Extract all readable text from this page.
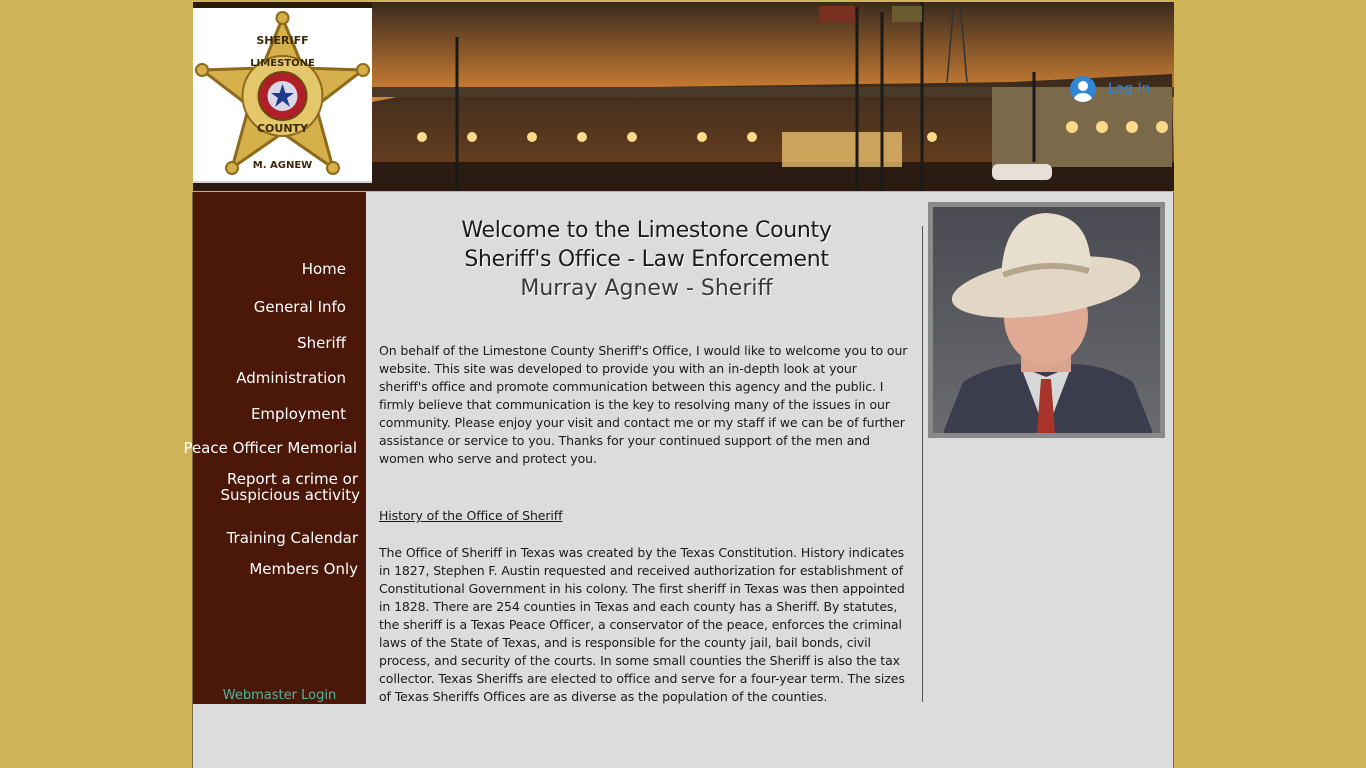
SHERIFF
LIMESTONE
COUNTY
M. AGNEW
Log In
Home
General Info
Sheriff
Administration
Employment
Peace Officer Memorial
Report a crime or
Suspicious activity
Training Calendar
Members Only
Webmaster Login
Welcome to the Limestone County
Sheriff's Office - Law Enforcement
Murray Agnew - Sheriff
On behalf of the Limestone County Sheriff's Office, I would like to welcome you to our website. This site was developed to provide you with an in-depth look at your sheriff's office and promote communication between this agency and the public. I firmly believe that communication is the key to resolving many of the issues in our community. Please enjoy your visit and contact me or my staff if we can be of further assistance or service to you. Thanks for your continued support of the men and women who serve and protect you.
History of the Office of Sheriff
The Office of Sheriff in Texas was created by the Texas Constitution. History indicates in 1827, Stephen F. Austin requested and received authorization for establishment of Constitutional Government in his colony. The first sheriff in Texas was then appointed in 1828. There are 254 counties in Texas and each county has a Sheriff. By statutes, the sheriff is a Texas Peace Officer, a conservator of the peace, enforces the criminal laws of the State of Texas, and is responsible for the county jail, bail bonds, civil process, and security of the courts. In some small counties the Sheriff is also the tax collector. Texas Sheriffs are elected to office and serve for a four-year term. The sizes of Texas Sheriffs Offices are as diverse as the population of the counties.
